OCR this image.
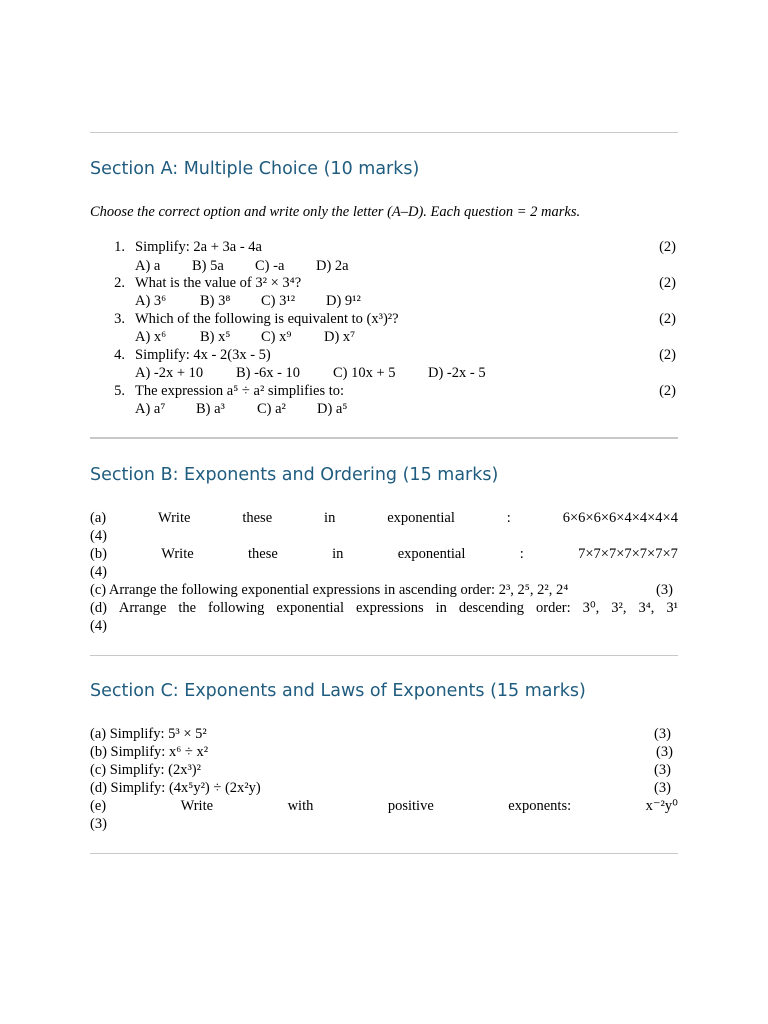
Section A: Multiple Choice (10 marks)
Choose the correct option and write only the letter (A–D). Each question = 2 marks.
1. Simplify: 2a + 3a - 4a	(2)
A) a B) 5a C) -a D) 2a
2. What is the value of 3² × 3⁴?	(2)
A) 3⁶ B) 3⁸ C) 3¹² D) 9¹²
3. Which of the following is equivalent to (x³)²?	(2)
A) x⁶ B) x⁵ C) x⁹ D) x⁷
4. Simplify: 4x - 2(3x - 5)	(2)
A) -2x + 10 B) -6x - 10 C) 10x + 5 D) -2x - 5
5. The expression a⁵ ÷ a² simplifies to:	(2)
A) a⁷ B) a³ C) a² D) a⁵
Section B: Exponents and Ordering (15 marks)
(a)	Write	these	in	exponential	:	6×6×6×6×4×4×4×4
(4)
(b)	Write	these	in	exponential	:	7×7×7×7×7×7×7
(4)
(c) Arrange the following exponential expressions in ascending order: 2³, 2⁵, 2², 2⁴	(3)
(d) Arrange the following exponential expressions in descending order: 3⁰, 3², 3⁴, 3¹
(4)
Section C: Exponents and Laws of Exponents (15 marks)
(a) Simplify: 5³ × 5²	(3)
(b) Simplify: x⁶ ÷ x²	(3)
(c) Simplify: (2x³)²	(3)
(d) Simplify: (4x⁵y²) ÷ (2x²y)	(3)
(e)	Write	with	positive	exponents:	x⁻²y⁰
(3)
